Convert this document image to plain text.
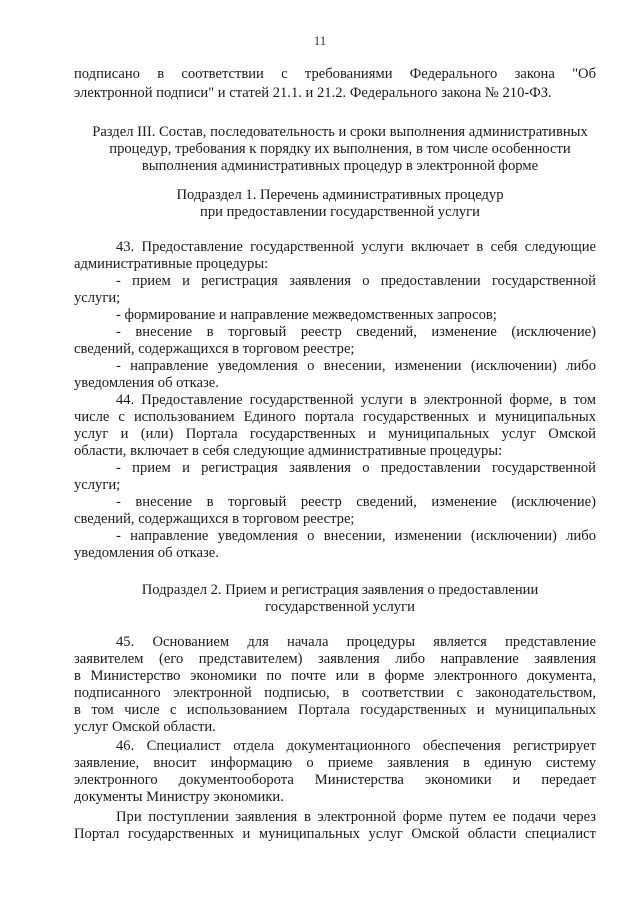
11
подписано в соответствии с требованиями Федерального закона "Об
электронной подписи" и статей 21.1. и 21.2. Федерального закона № 210-ФЗ.
Раздел III. Состав, последовательность и сроки выполнения административных
процедур, требования к порядку их выполнения, в том числе особенности
выполнения административных процедур в электронной форме
Подраздел 1. Перечень административных процедур
при предоставлении государственной услуги
43. Предоставление государственной услуги включает в себя следующие
административные процедуры:
- прием и регистрация заявления о предоставлении государственной
услуги;
- формирование и направление межведомственных запросов;
- внесение в торговый реестр сведений, изменение (исключение)
сведений, содержащихся в торговом реестре;
- направление уведомления о внесении, изменении (исключении) либо
уведомления об отказе.
44. Предоставление государственной услуги в электронной форме, в том
числе с использованием Единого портала государственных и муниципальных
услуг и (или) Портала государственных и муниципальных услуг Омской
области, включает в себя следующие административные процедуры:
- прием и регистрация заявления о предоставлении государственной
услуги;
- внесение в торговый реестр сведений, изменение (исключение)
сведений, содержащихся в торговом реестре;
- направление уведомления о внесении, изменении (исключении) либо
уведомления об отказе.
Подраздел 2. Прием и регистрация заявления о предоставлении
государственной услуги
45. Основанием для начала процедуры является представление
заявителем (его представителем) заявления либо направление заявления
в Министерство экономики по почте или в форме электронного документа,
подписанного электронной подписью, в соответствии с законодательством,
в том числе с использованием Портала государственных и муниципальных
услуг Омской области.
46. Специалист отдела документационного обеспечения регистрирует
заявление, вносит информацию о приеме заявления в единую систему
электронного документооборота Министерства экономики и передает
документы Министру экономики.
При поступлении заявления в электронной форме путем ее подачи через
Портал государственных и муниципальных услуг Омской области специалист
